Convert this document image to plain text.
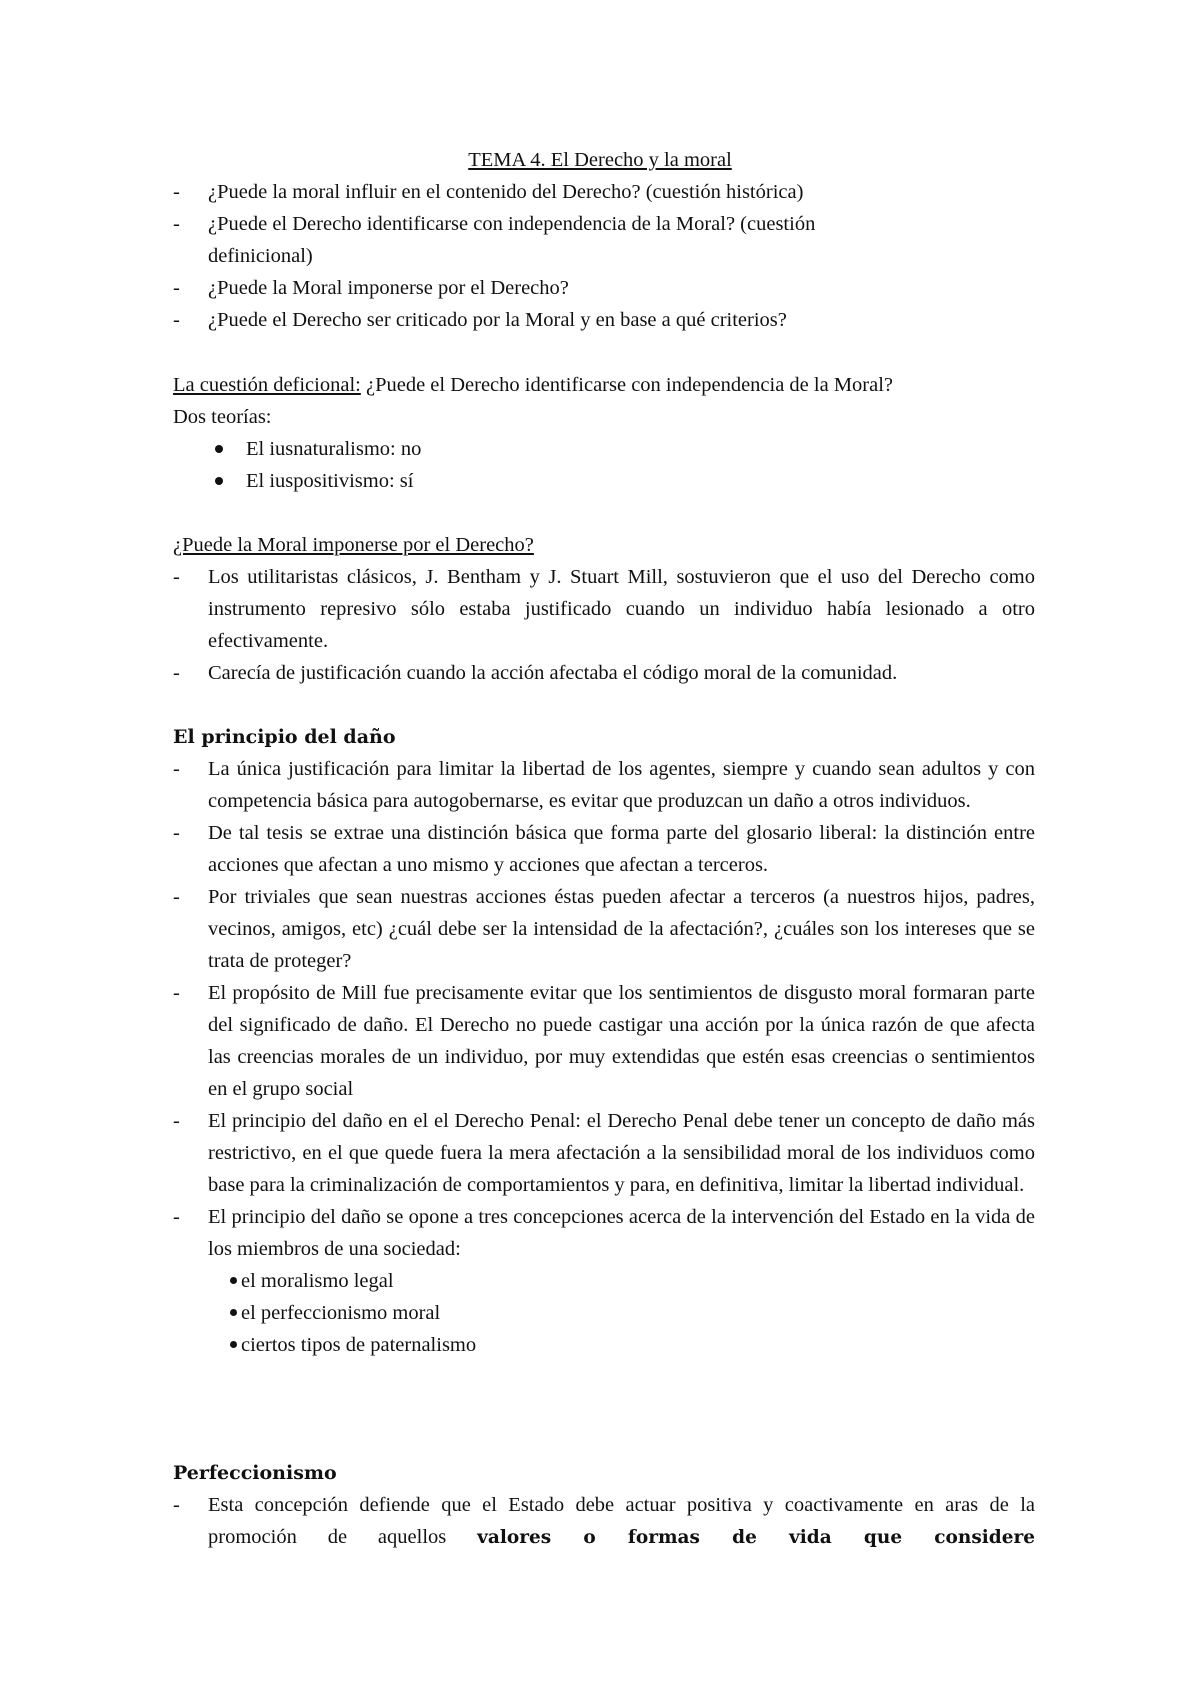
TEMA 4. El Derecho y la moral
- ¿Puede la moral influir en el contenido del Derecho? (cuestión histórica)
- ¿Puede el Derecho identificarse con independencia de la Moral? (cuestión definicional)
- ¿Puede la Moral imponerse por el Derecho?
- ¿Puede el Derecho ser criticado por la Moral y en base a qué criterios?
La cuestión deficional: ¿Puede el Derecho identificarse con independencia de la Moral?
Dos teorías:
El iusnaturalismo: no
El iuspositivismo: sí
¿Puede la Moral imponerse por el Derecho?
- Los utilitaristas clásicos, J. Bentham y J. Stuart Mill, sostuvieron que el uso del Derecho como instrumento represivo sólo estaba justificado cuando un individuo había lesionado a otro efectivamente.
- Carecía de justificación cuando la acción afectaba el código moral de la comunidad.
El principio del daño
- La única justificación para limitar la libertad de los agentes, siempre y cuando sean adultos y con competencia básica para autogobernarse, es evitar que produzcan un daño a otros individuos.
- De tal tesis se extrae una distinción básica que forma parte del glosario liberal: la distinción entre acciones que afectan a uno mismo y acciones que afectan a terceros.
- Por triviales que sean nuestras acciones éstas pueden afectar a terceros (a nuestros hijos, padres, vecinos, amigos, etc) ¿cuál debe ser la intensidad de la afectación?, ¿cuáles son los intereses que se trata de proteger?
- El propósito de Mill fue precisamente evitar que los sentimientos de disgusto moral formaran parte del significado de daño. El Derecho no puede castigar una acción por la única razón de que afecta las creencias morales de un individuo, por muy extendidas que estén esas creencias o sentimientos en el grupo social
- El principio del daño en el el Derecho Penal: el Derecho Penal debe tener un concepto de daño más restrictivo, en el que quede fuera la mera afectación a la sensibilidad moral de los individuos como base para la criminalización de comportamientos y para, en definitiva, limitar la libertad individual.
- El principio del daño se opone a tres concepciones acerca de la intervención del Estado en la vida de los miembros de una sociedad:
el moralismo legal
el perfeccionismo moral
ciertos tipos de paternalismo
Perfeccionismo
- Esta concepción defiende que el Estado debe actuar positiva y coactivamente en aras de la promoción de aquellos valores o formas de vida que considere
